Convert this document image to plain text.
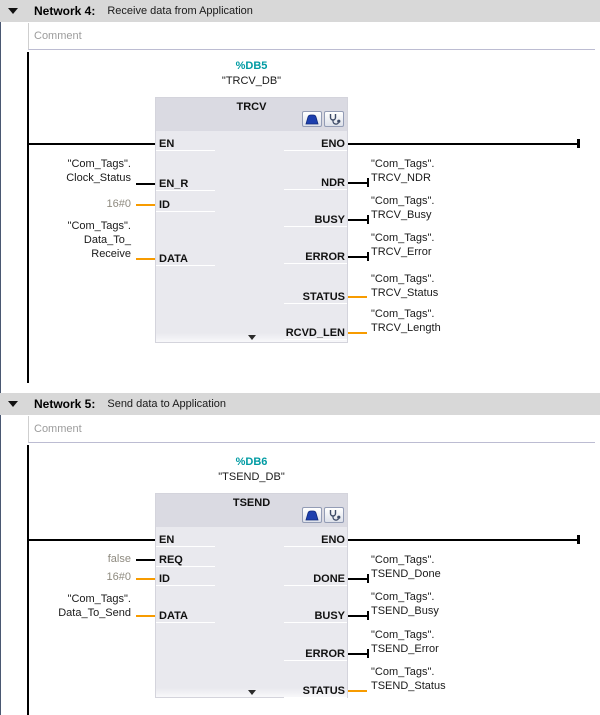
Network 4: Receive data from Application
Comment
%DB5
"TRCV_DB"
TRCV
EN
EN_R
ID
DATA
ENO
NDR
BUSY
ERROR
STATUS
RCVD_LEN
"Com_Tags".
Clock_Status
16#0
"Com_Tags".
Data_To_
Receive
"Com_Tags".
TRCV_NDR
"Com_Tags".
TRCV_Busy
"Com_Tags".
TRCV_Error
"Com_Tags".
TRCV_Status
"Com_Tags".
TRCV_Length
Network 5: Send data to Application
Comment
%DB6
"TSEND_DB"
TSEND
EN
REQ
ID
DATA
ENO
DONE
BUSY
ERROR
STATUS
false
16#0
"Com_Tags".
Data_To_Send
"Com_Tags".
TSEND_Done
"Com_Tags".
TSEND_Busy
"Com_Tags".
TSEND_Error
"Com_Tags".
TSEND_Status
